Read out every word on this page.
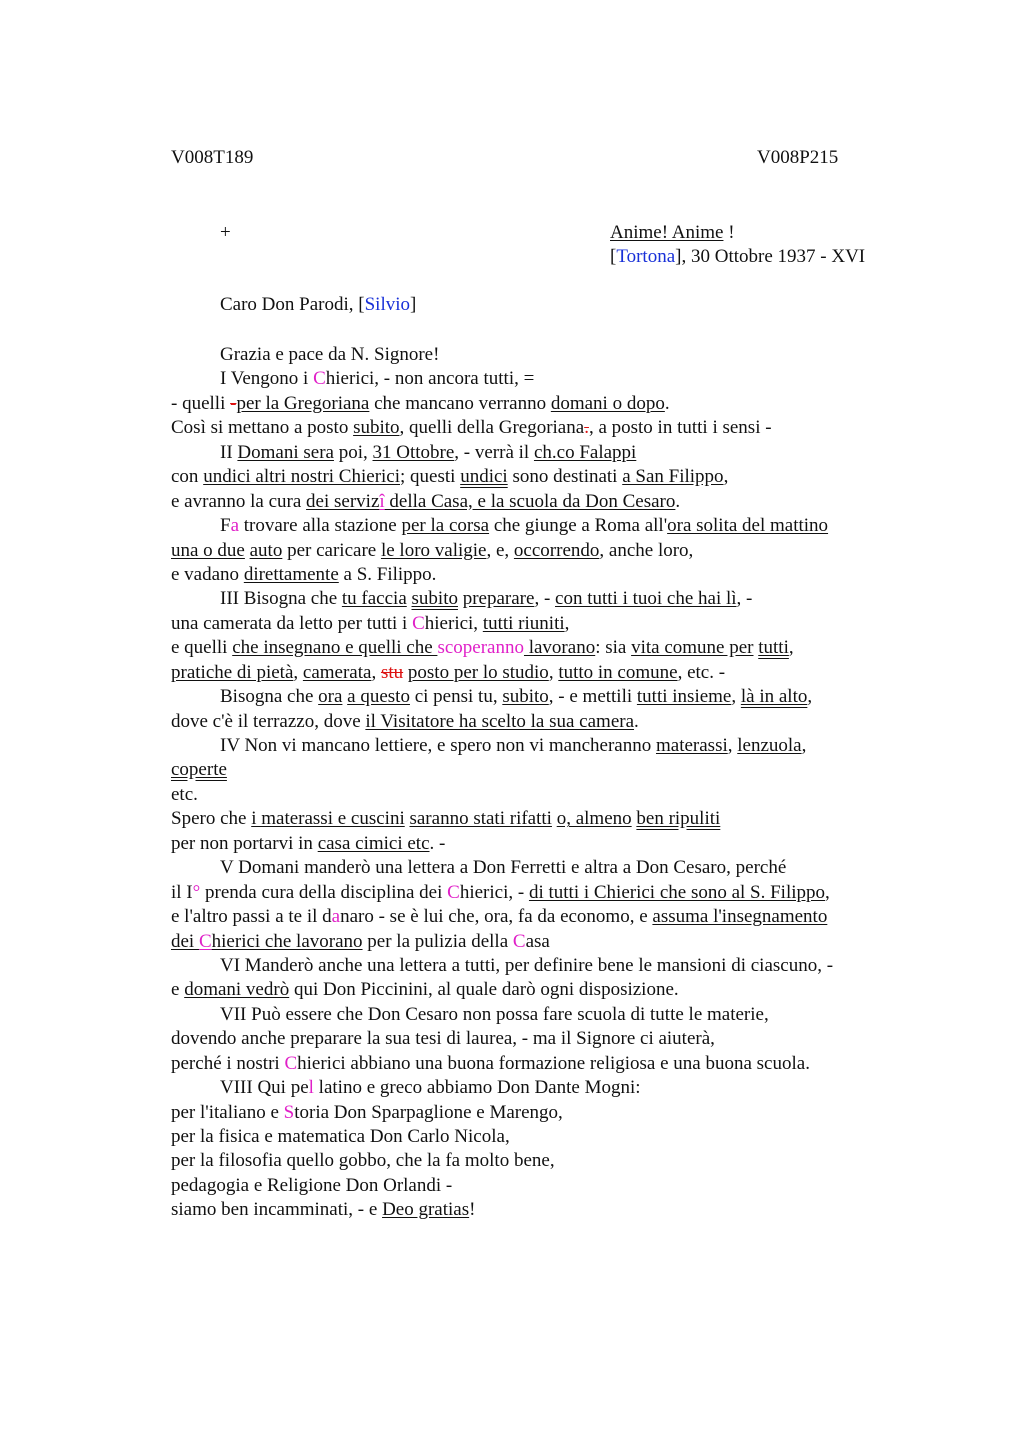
V008T189	V008P215
+	Anime! Anime !
[Tortona], 30 Ottobre 1937 - XVI
Caro Don Parodi, [Silvio]
Grazia e pace da N. Signore!
I Vengono i Chierici, - non ancora tutti, =
- quelli -per la Gregoriana che mancano verranno domani o dopo.
Così si mettano a posto subito, quelli della Gregoriana., a posto in tutti i sensi -
II Domani sera poi, 31 Ottobre, - verrà il ch.co Falappi
con undici altri nostri Chierici; questi undici sono destinati a San Filippo,
e avranno la cura dei servizî della Casa, e la scuola da Don Cesaro.
Fa trovare alla stazione per la corsa che giunge a Roma all'ora solita del mattino
una o due auto per caricare le loro valigie, e, occorrendo, anche loro,
e vadano direttamente a S. Filippo.
III Bisogna che tu faccia subito preparare, - con tutti i tuoi che hai lì, -
una camerata da letto per tutti i Chierici, tutti riuniti,
e quelli che insegnano e quelli che scoperanno lavorano: sia vita comune per tutti,
pratiche di pietà, camerata, stu posto per lo studio, tutto in comune, etc. -
Bisogna che ora a questo ci pensi tu, subito, - e mettili tutti insieme, là in alto,
dove c'è il terrazzo, dove il Visitatore ha scelto la sua camera.
IV Non vi mancano lettiere, e spero non vi mancheranno materassi, lenzuola,
coperte
etc.
Spero che i materassi e cuscini saranno stati rifatti o, almeno ben ripuliti
per non portarvi in casa cimici etc. -
V Domani manderò una lettera a Don Ferretti e altra a Don Cesaro, perché
il I° prenda cura della disciplina dei Chierici, - di tutti i Chierici che sono al S. Filippo,
e l'altro passi a te il danaro - se è lui che, ora, fa da economo, e assuma l'insegnamento
dei Chierici che lavorano per la pulizia della Casa
VI Manderò anche una lettera a tutti, per definire bene le mansioni di ciascuno, -
e domani vedrò qui Don Piccinini, al quale darò ogni disposizione.
VII Può essere che Don Cesaro non possa fare scuola di tutte le materie,
dovendo anche preparare la sua tesi di laurea, - ma il Signore ci aiuterà,
perché i nostri Chierici abbiano una buona formazione religiosa e una buona scuola.
VIII Qui pel latino e greco abbiamo Don Dante Mogni:
per l'italiano e Storia Don Sparpaglione e Marengo,
per la fisica e matematica Don Carlo Nicola,
per la filosofia quello gobbo, che la fa molto bene,
pedagogia e Religione Don Orlandi -
siamo ben incamminati, - e Deo gratias!
